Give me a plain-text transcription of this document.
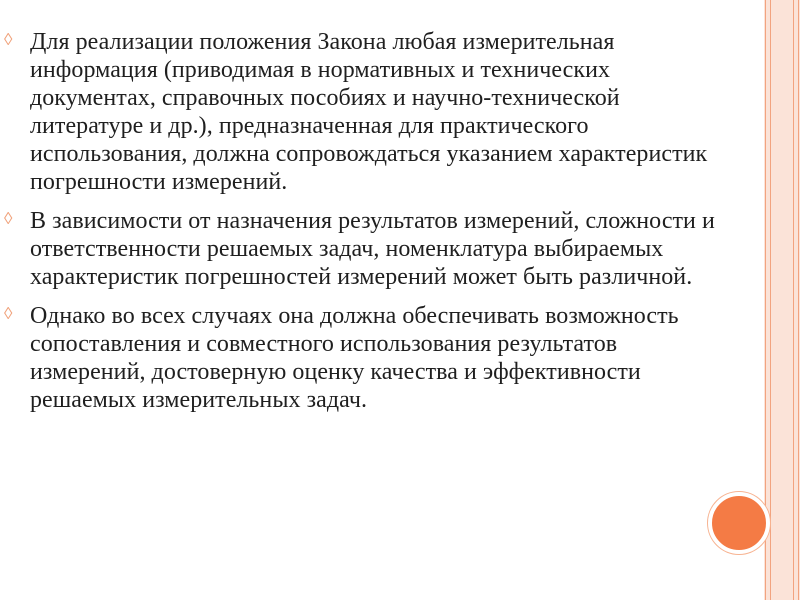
◊ Для реализации положения Закона любая измерительная информация (приводимая в нормативных и технических документах, справочных пособиях и научно-технической литературе и др.), предназначенная для практического использования, должна сопровождаться указанием характеристик погрешности измерений.
◊ В зависимости от назначения результатов измерений, сложности и ответственности решаемых задач, номенклатура выбираемых характеристик погрешностей измерений может быть различной.
◊ Однако во всех случаях она должна обеспечивать возможность сопоставления и совместного использования результатов измерений, достоверную оценку качества и эффективности решаемых измерительных задач.
